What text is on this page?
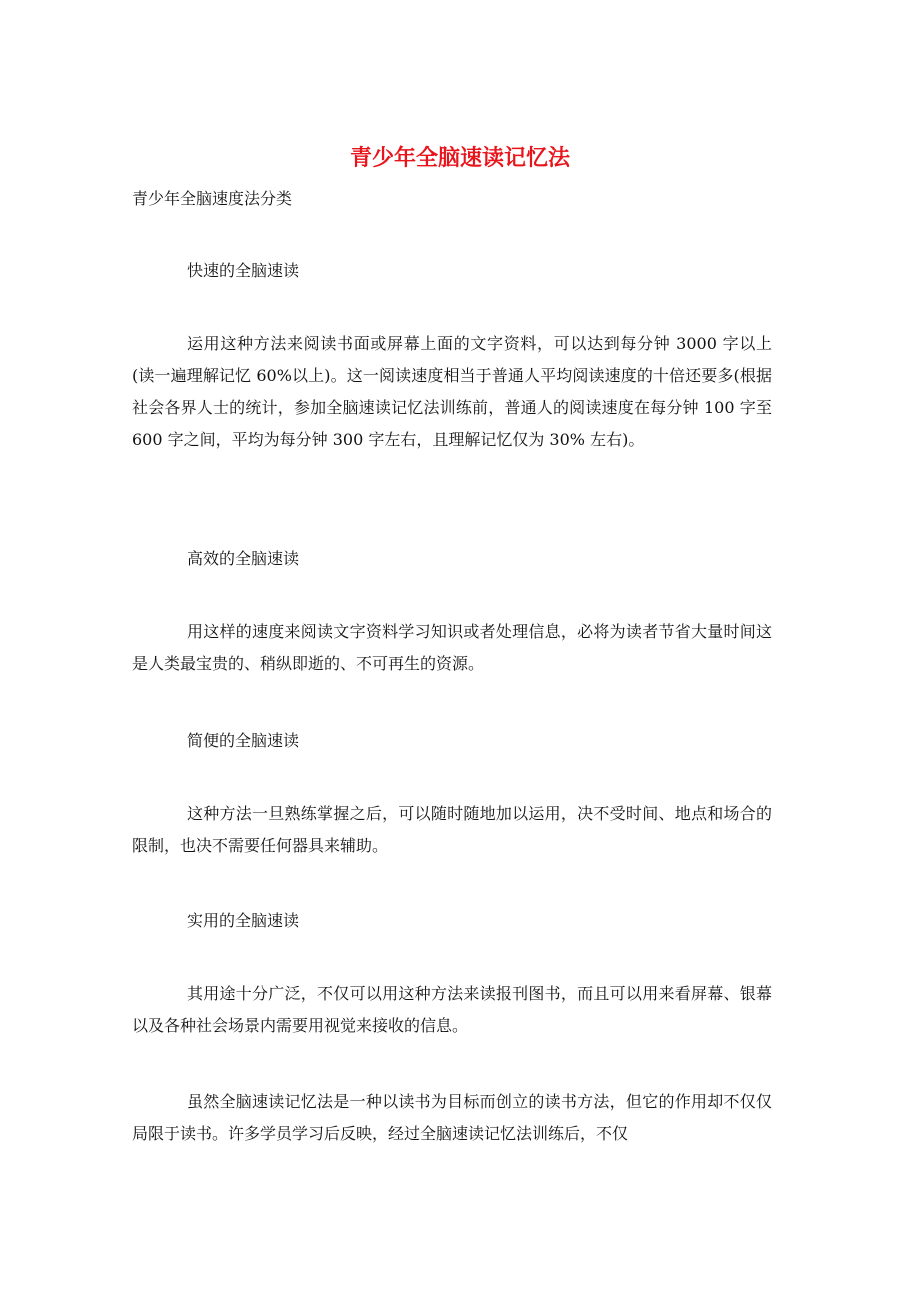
青少年全脑速读记忆法

青少年全脑速度法分类

快速的全脑速读

运用这种方法来阅读书面或屏幕上面的文字资料，可以达到每分钟 3000 字以上(读一遍理解记忆 60%以上)。这一阅读速度相当于普通人平均阅读速度的十倍还要多(根据社会各界人士的统计，参加全脑速读记忆法训练前，普通人的阅读速度在每分钟 100 字至 600 字之间，平均为每分钟 300 字左右，且理解记忆仅为 30% 左右)。

高效的全脑速读

用这样的速度来阅读文字资料学习知识或者处理信息，必将为读者节省大量时间这是人类最宝贵的、稍纵即逝的、不可再生的资源。

简便的全脑速读

这种方法一旦熟练掌握之后，可以随时随地加以运用，决不受时间、地点和场合的限制，也决不需要任何器具来辅助。

实用的全脑速读

其用途十分广泛，不仅可以用这种方法来读报刊图书，而且可以用来看屏幕、银幕以及各种社会场景内需要用视觉来接收的信息。

虽然全脑速读记忆法是一种以读书为目标而创立的读书方法，但它的作用却不仅仅局限于读书。许多学员学习后反映，经过全脑速读记忆法训练后，不仅
